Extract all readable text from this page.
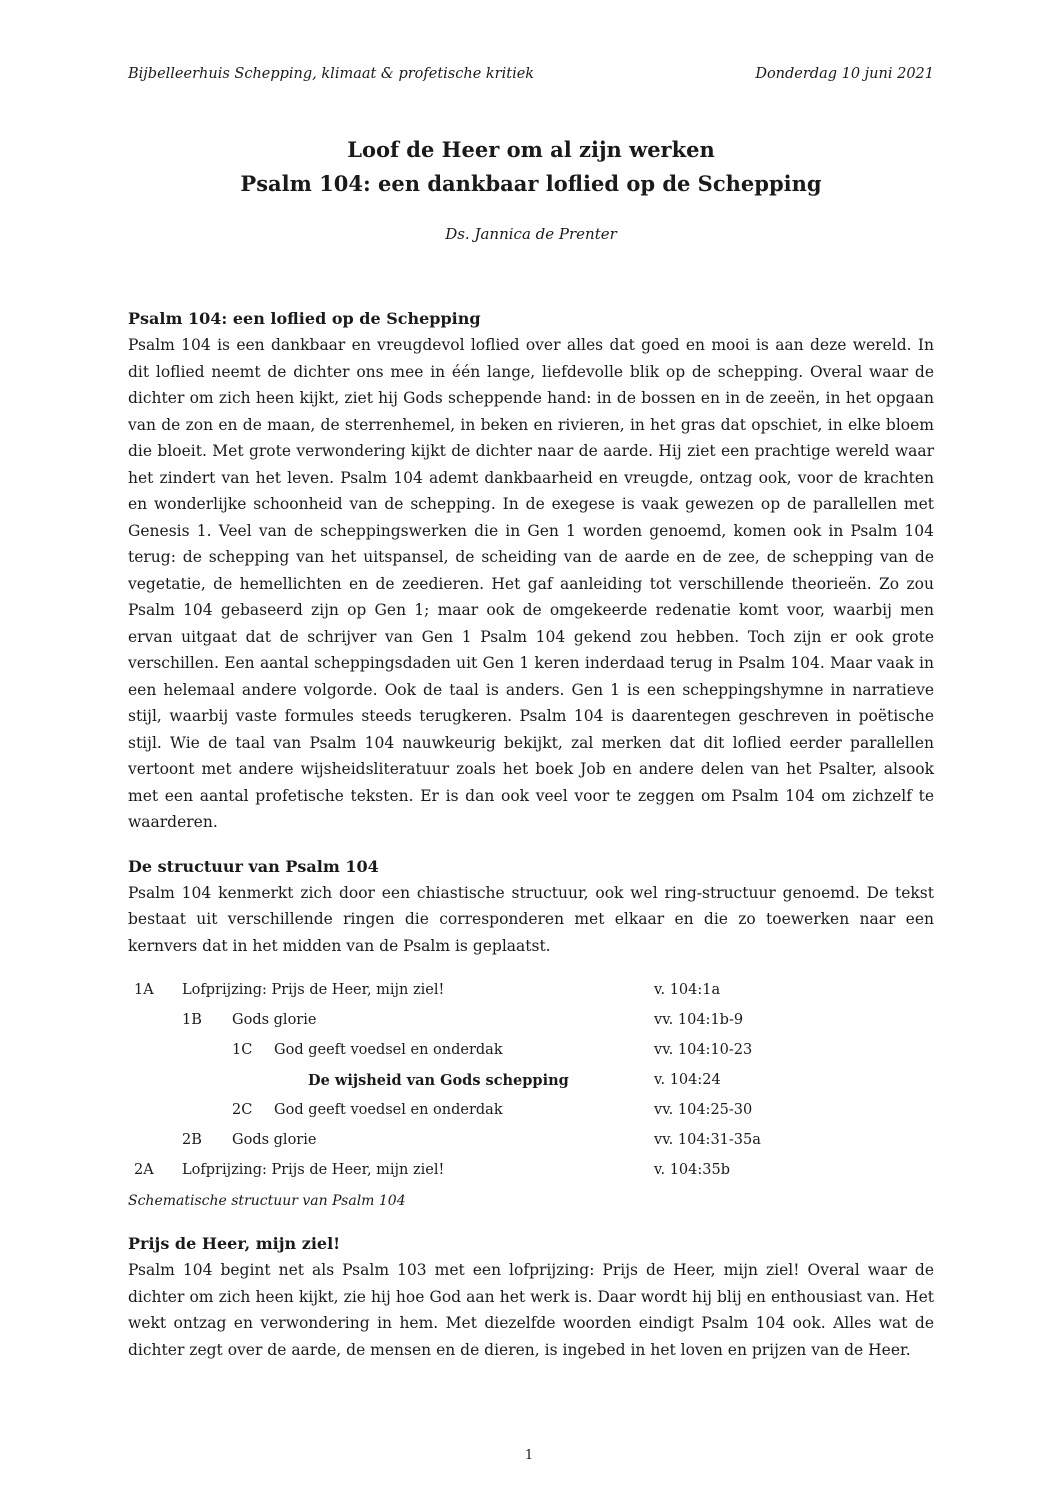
Bijbelleerhuis Schepping, klimaat & profetische kritiek	Donderdag 10 juni 2021
Loof de Heer om al zijn werken
Psalm 104: een dankbaar loflied op de Schepping
Ds. Jannica de Prenter
Psalm 104: een loflied op de Schepping

Psalm 104 is een dankbaar en vreugdevol loflied over alles dat goed en mooi is aan deze wereld. In dit loflied neemt de dichter ons mee in één lange, liefdevolle blik op de schepping. Overal waar de dichter om zich heen kijkt, ziet hij Gods scheppende hand: in de bossen en in de zeeën, in het opgaan van de zon en de maan, de sterrenhemel, in beken en rivieren, in het gras dat opschiet, in elke bloem die bloeit. Met grote verwondering kijkt de dichter naar de aarde. Hij ziet een prachtige wereld waar het zindert van het leven. Psalm 104 ademt dankbaarheid en vreugde, ontzag ook, voor de krachten en wonderlijke schoonheid van de schepping. In de exegese is vaak gewezen op de parallellen met Genesis 1. Veel van de scheppingswerken die in Gen 1 worden genoemd, komen ook in Psalm 104 terug: de schepping van het uitspansel, de scheiding van de aarde en de zee, de schepping van de vegetatie, de hemellichten en de zeedieren. Het gaf aanleiding tot verschillende theorieën. Zo zou Psalm 104 gebaseerd zijn op Gen 1; maar ook de omgekeerde redenatie komt voor, waarbij men ervan uitgaat dat de schrijver van Gen 1 Psalm 104 gekend zou hebben. Toch zijn er ook grote verschillen. Een aantal scheppingsdaden uit Gen 1 keren inderdaad terug in Psalm 104. Maar vaak in een helemaal andere volgorde. Ook de taal is anders. Gen 1 is een scheppingshymne in narratieve stijl, waarbij vaste formules steeds terugkeren. Psalm 104 is daarentegen geschreven in poëtische stijl. Wie de taal van Psalm 104 nauwkeurig bekijkt, zal merken dat dit loflied eerder parallellen vertoont met andere wijsheidsliteratuur zoals het boek Job en andere delen van het Psalter, alsook met een aantal profetische teksten. Er is dan ook veel voor te zeggen om Psalm 104 om zichzelf te waarderen.

De structuur van Psalm 104

Psalm 104 kenmerkt zich door een chiastische structuur, ook wel ring-structuur genoemd. De tekst bestaat uit verschillende ringen die corresponderen met elkaar en die zo toewerken naar een kernvers dat in het midden van de Psalm is geplaatst.

1A	Lofprijzing: Prijs de Heer, mijn ziel!			v. 104:1a
	1B	Gods glorie		vv. 104:1b-9
		1C	God geeft voedsel en onderdak	vv. 104:10-23
			De wijsheid van Gods schepping	v. 104:24
		2C	God geeft voedsel en onderdak	vv. 104:25-30
	2B	Gods glorie		vv. 104:31-35a
2A	Lofprijzing: Prijs de Heer, mijn ziel!			v. 104:35b
Schematische structuur van Psalm 104
Prijs de Heer, mijn ziel!

Psalm 104 begint net als Psalm 103 met een lofprijzing: Prijs de Heer, mijn ziel! Overal waar de dichter om zich heen kijkt, zie hij hoe God aan het werk is. Daar wordt hij blij en enthousiast van. Het wekt ontzag en verwondering in hem. Met diezelfde woorden eindigt Psalm 104 ook. Alles wat de dichter zegt over de aarde, de mensen en de dieren, is ingebed in het loven en prijzen van de Heer.

1
